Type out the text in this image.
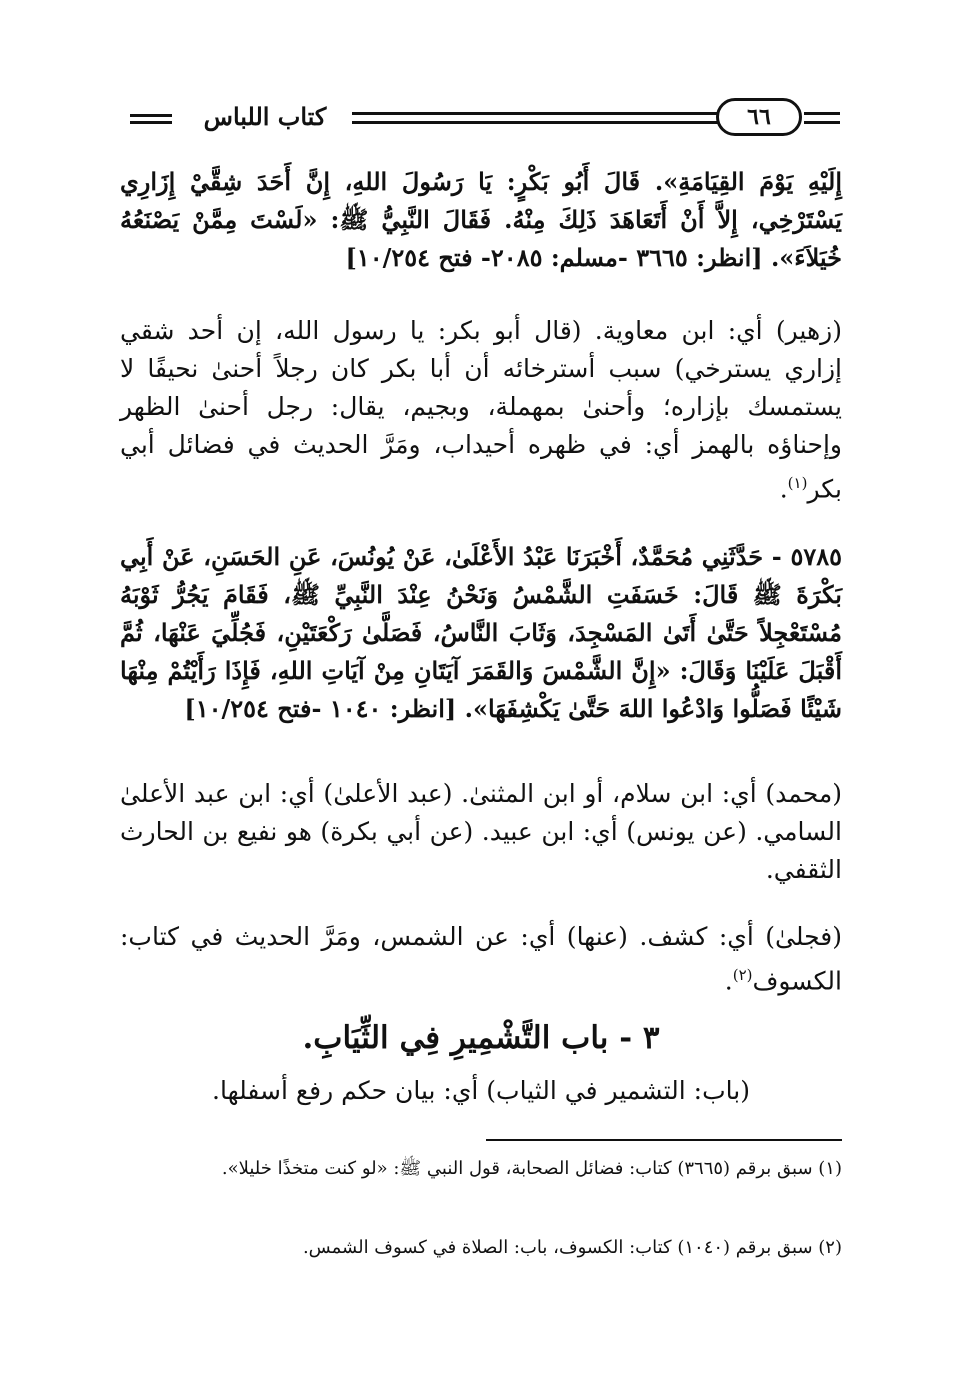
كتاب اللباس	٦٦

إِلَيْهِ يَوْمَ القِيَامَةِ». قَالَ أَبُو بَكْرٍ: يَا رَسُولَ اللهِ، إِنَّ أَحَدَ شِقَّيْ إِزَارِي يَسْتَرْخِي، إِلاَّ أَنْ أَتَعَاهَدَ ذَلِكَ مِنْهُ. فَقَالَ النَّبِيُّ ﷺ: «لَسْتَ مِمَّنْ يَصْنَعُهُ خُيَلاَءَ». [انظر: ٣٦٦٥ -مسلم: ٢٠٨٥- فتح ١٠/٢٥٤]

(زهير) أي: ابن معاوية. (قال أبو بكر: يا رسول الله، إن أحد شقي إزاري يسترخي) سبب أسترخائه أن أبا بكر كان رجلاً أحنىٰ نحيفًا لا يستمسك بإزاره؛ وأحنىٰ بمهملة، وبجيم، يقال: رجل أحنىٰ الظهر وإحناؤه بالهمز أي: في ظهره أحيداب، ومَرَّ الحديث في فضائل أبي بكر$^{(١)}$.

٥٧٨٥ - حَدَّثَنِي مُحَمَّدٌ، أَخْبَرَنَا عَبْدُ الأَعْلَىٰ، عَنْ يُونُسَ، عَنِ الحَسَنِ، عَنْ أَبِي بَكْرَةَ ﷺ قَالَ: خَسَفَتِ الشَّمْسُ وَنَحْنُ عِنْدَ النَّبِيِّ ﷺ، فَقَامَ يَجُرُّ ثَوْبَهُ مُسْتَعْجِلاً حَتَّىٰ أَتَىٰ المَسْجِدَ، وَثَابَ النَّاسُ، فَصَلَّىٰ رَكْعَتَيْنِ، فَجُلِّيَ عَنْهَا، ثُمَّ أَقْبَلَ عَلَيْنَا وَقَالَ: «إِنَّ الشَّمْسَ وَالقَمَرَ آيَتَانِ مِنْ آيَاتِ اللهِ، فَإِذَا رَأَيْتُمْ مِنْهَا شَيْئًا فَصَلُّوا وَادْعُوا اللهَ حَتَّىٰ يَكْشِفَهَا». [انظر: ١٠٤٠ -فتح ١٠/٢٥٤]

(محمد) أي: ابن سلام، أو ابن المثنىٰ. (عبد الأعلىٰ) أي: ابن عبد الأعلىٰ السامي. (عن يونس) أي: ابن عبيد. (عن أبي بكرة) هو نفيع بن الحارث الثقفي.

(فجلىٰ) أي: كشف. (عنها) أي: عن الشمس، ومَرَّ الحديث في كتاب: الكسوف$^{(٢)}$.

٣ - باب التَّشْمِيرِ فِي الثِّيَابِ.
(باب: التشمير في الثياب) أي: بيان حكم رفع أسفلها.

(١) سبق برقم (٣٦٦٥) كتاب: فضائل الصحابة، قول النبي ﷺ: «لو كنت متخذًا خليلا».

(٢) سبق برقم (١٠٤٠) كتاب: الكسوف، باب: الصلاة في كسوف الشمس.
